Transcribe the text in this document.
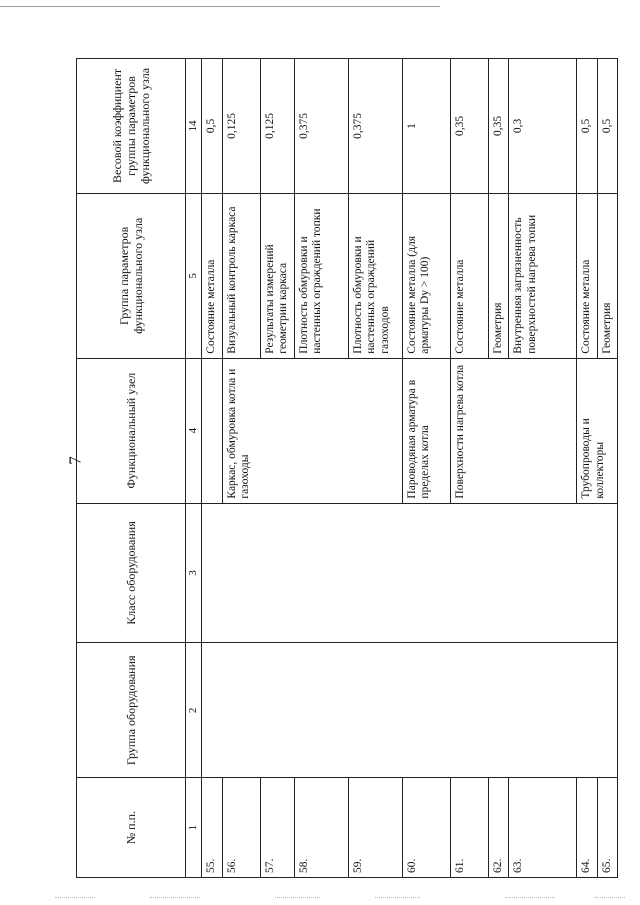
7
№ п.п.	Группа оборудования	Класс оборудования	Функциональный узел	Группа параметров функционального узла	Весовой коэффициент группы параметров функционального узла
1	2	3	4	5	14
55.				Состояние металла	0,5
56.			Каркас, обмуровка котла и газоходы	Визуальный контроль каркаса	0,125
57.				Результаты измерений геометрии каркаса	0,125
58.				Плотность обмуровки и настенных ограждений топки	0,375
59.				Плотность обмуровки и настенных ограждений газоходов	0,375
60.			Пароводяная арматура в пределах котла	Состояние металла (для арматуры Dy > 100)	1
61.			Поверхности нагрева котла	Состояние металла	0,35
62.				Геометрия	0,35
63.				Внутренняя загрязненность поверхностей нагрева топки	0,3
64.			Трубопроводы и коллекторы	Состояние металла	0,5
65.				Геометрия	0,5
